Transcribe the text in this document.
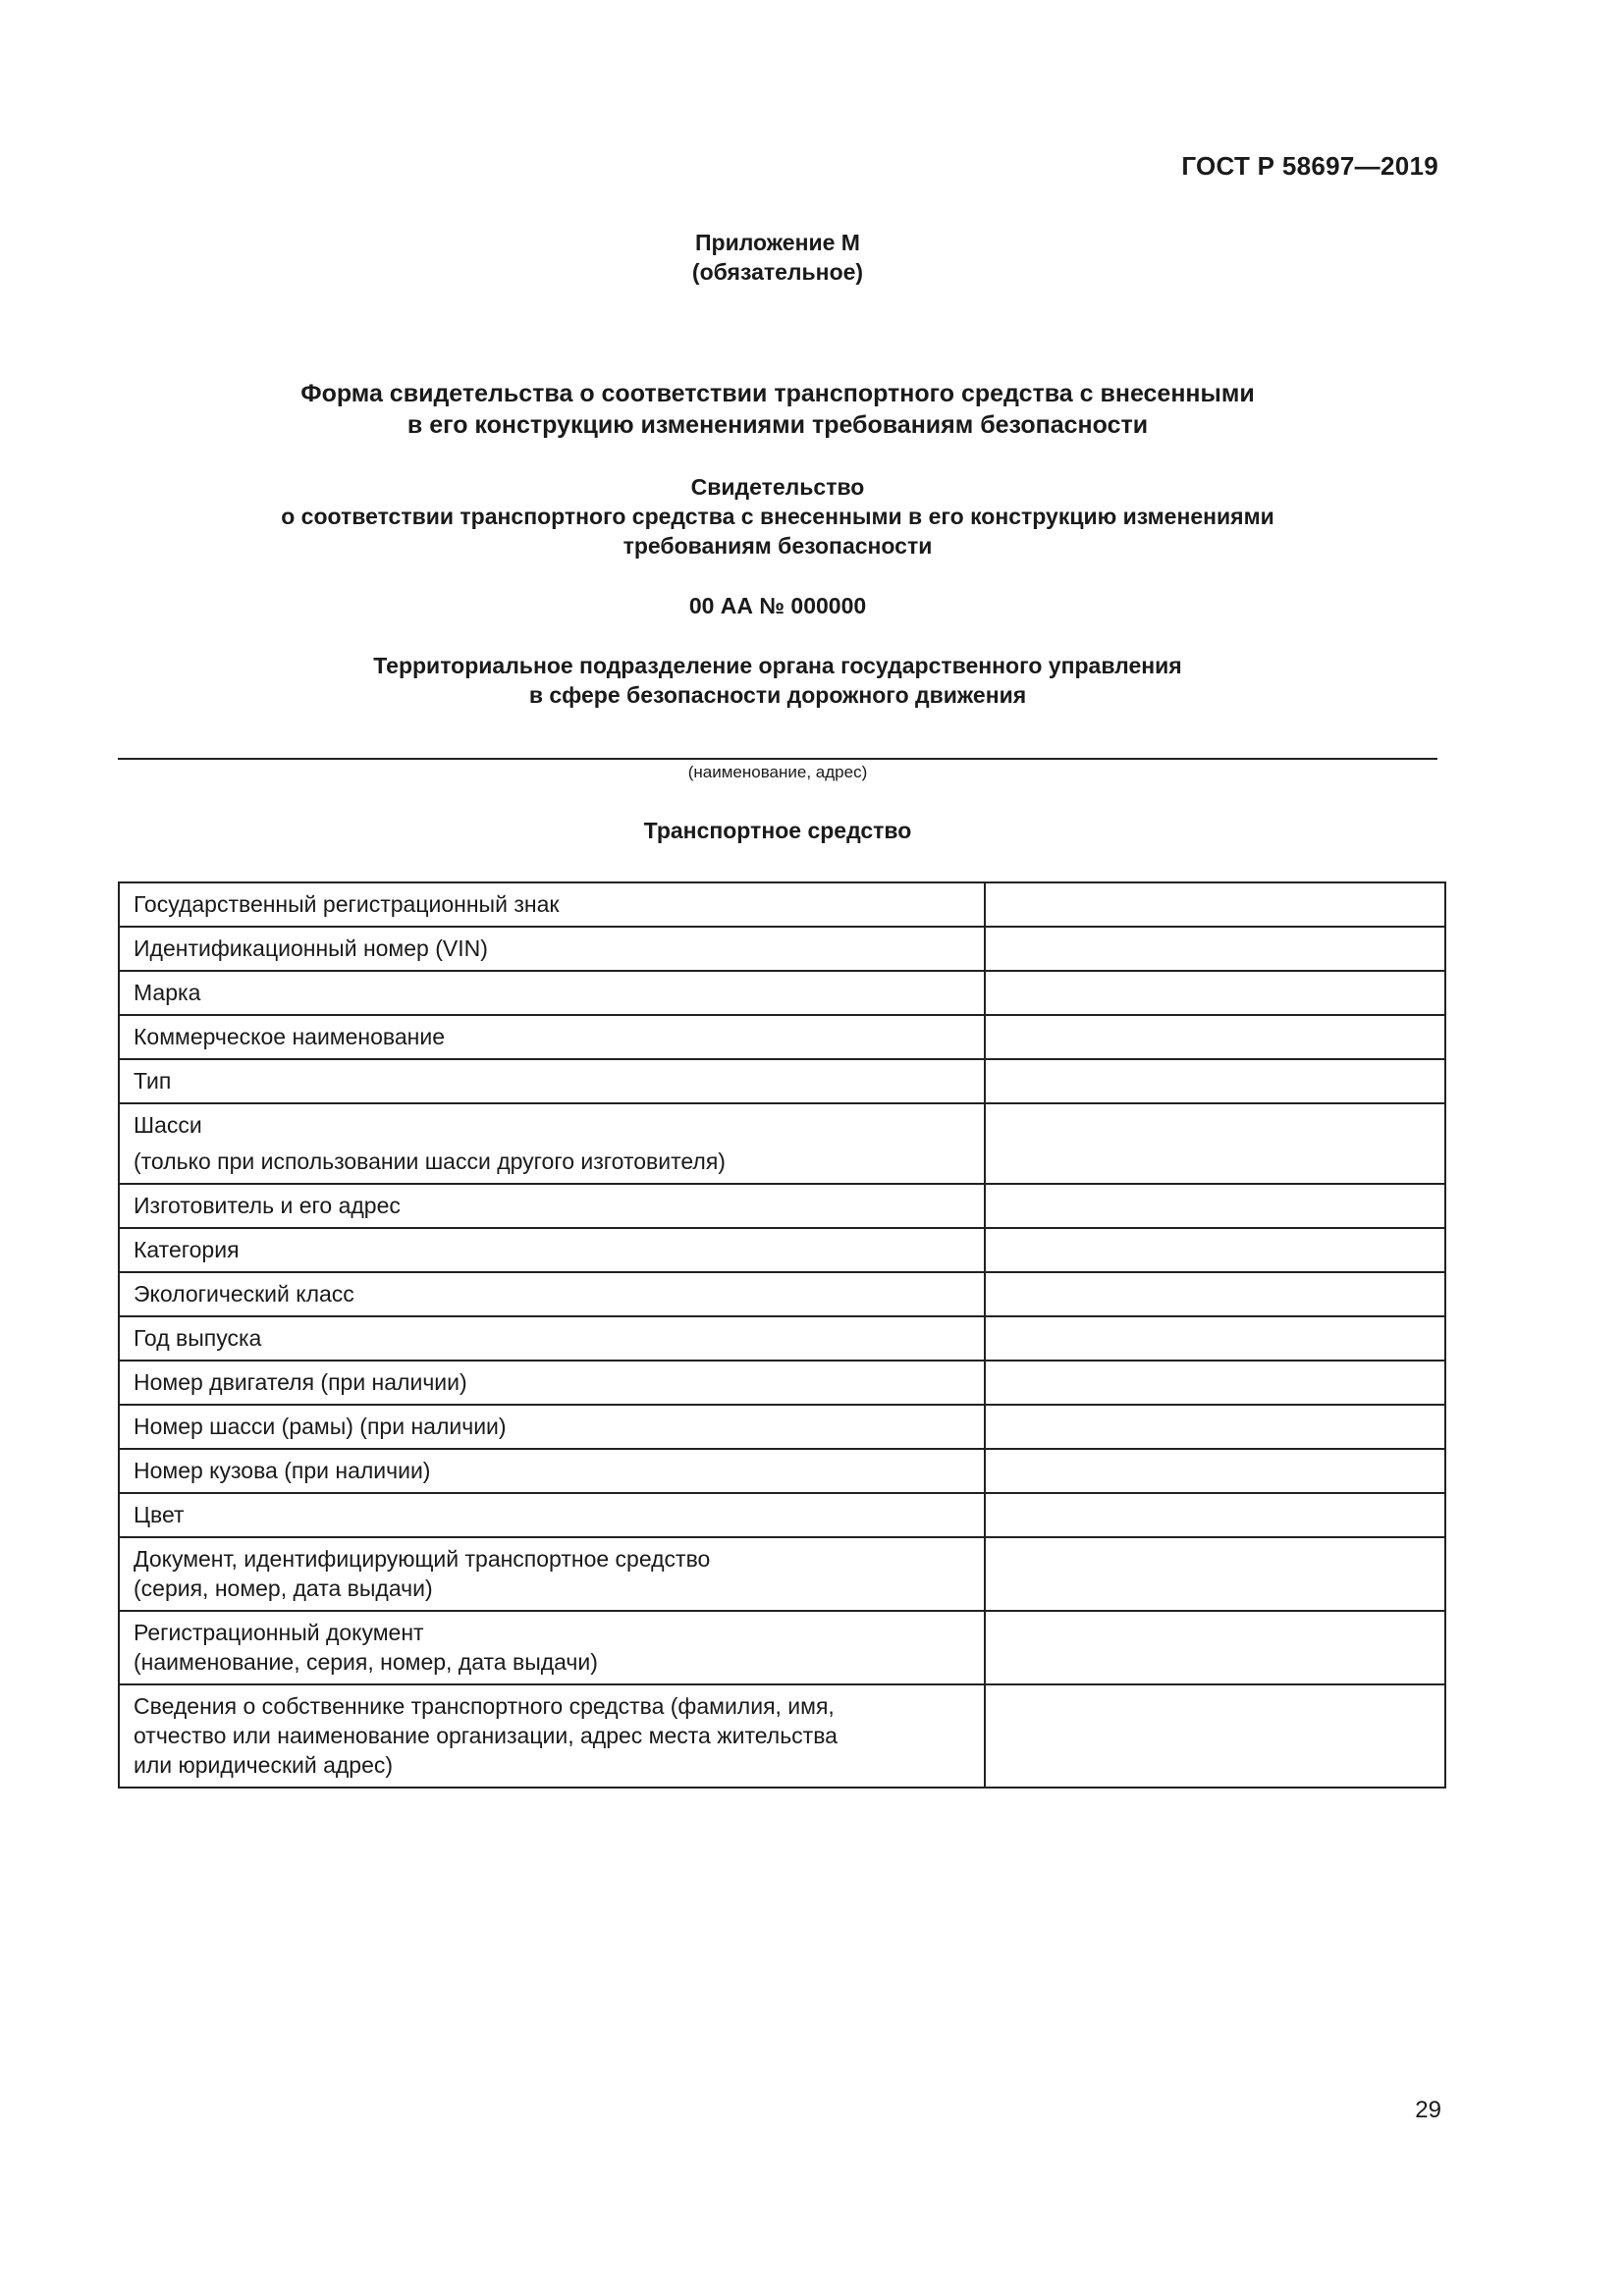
ГОСТ Р 58697—2019
Приложение М
(обязательное)
Форма свидетельства о соответствии транспортного средства с внесенными
в его конструкцию изменениями требованиям безопасности
Свидетельство
о соответствии транспортного средства с внесенными в его конструкцию изменениями
требованиям безопасности
00 АА № 000000
Территориальное подразделение органа государственного управления
в сфере безопасности дорожного движения
(наименование, адрес)
Транспортное средство
Государственный регистрационный знак	

Идентификационный номер (VIN)	

Марка	

Коммерческое наименование	

Тип	

Шасси
(только при использовании шасси другого изготовителя)	

Изготовитель и его адрес	

Категория	

Экологический класс	

Год выпуска	

Номер двигателя (при наличии)	

Номер шасси (рамы) (при наличии)	

Номер кузова (при наличии)	

Цвет	

Документ, идентифицирующий транспортное средство
(серия, номер, дата выдачи)	

Регистрационный документ
(наименование, серия, номер, дата выдачи)	

Сведения о собственнике транспортного средства (фамилия, имя,
отчество или наименование организации, адрес места жительства
или юридический адрес)	

29
